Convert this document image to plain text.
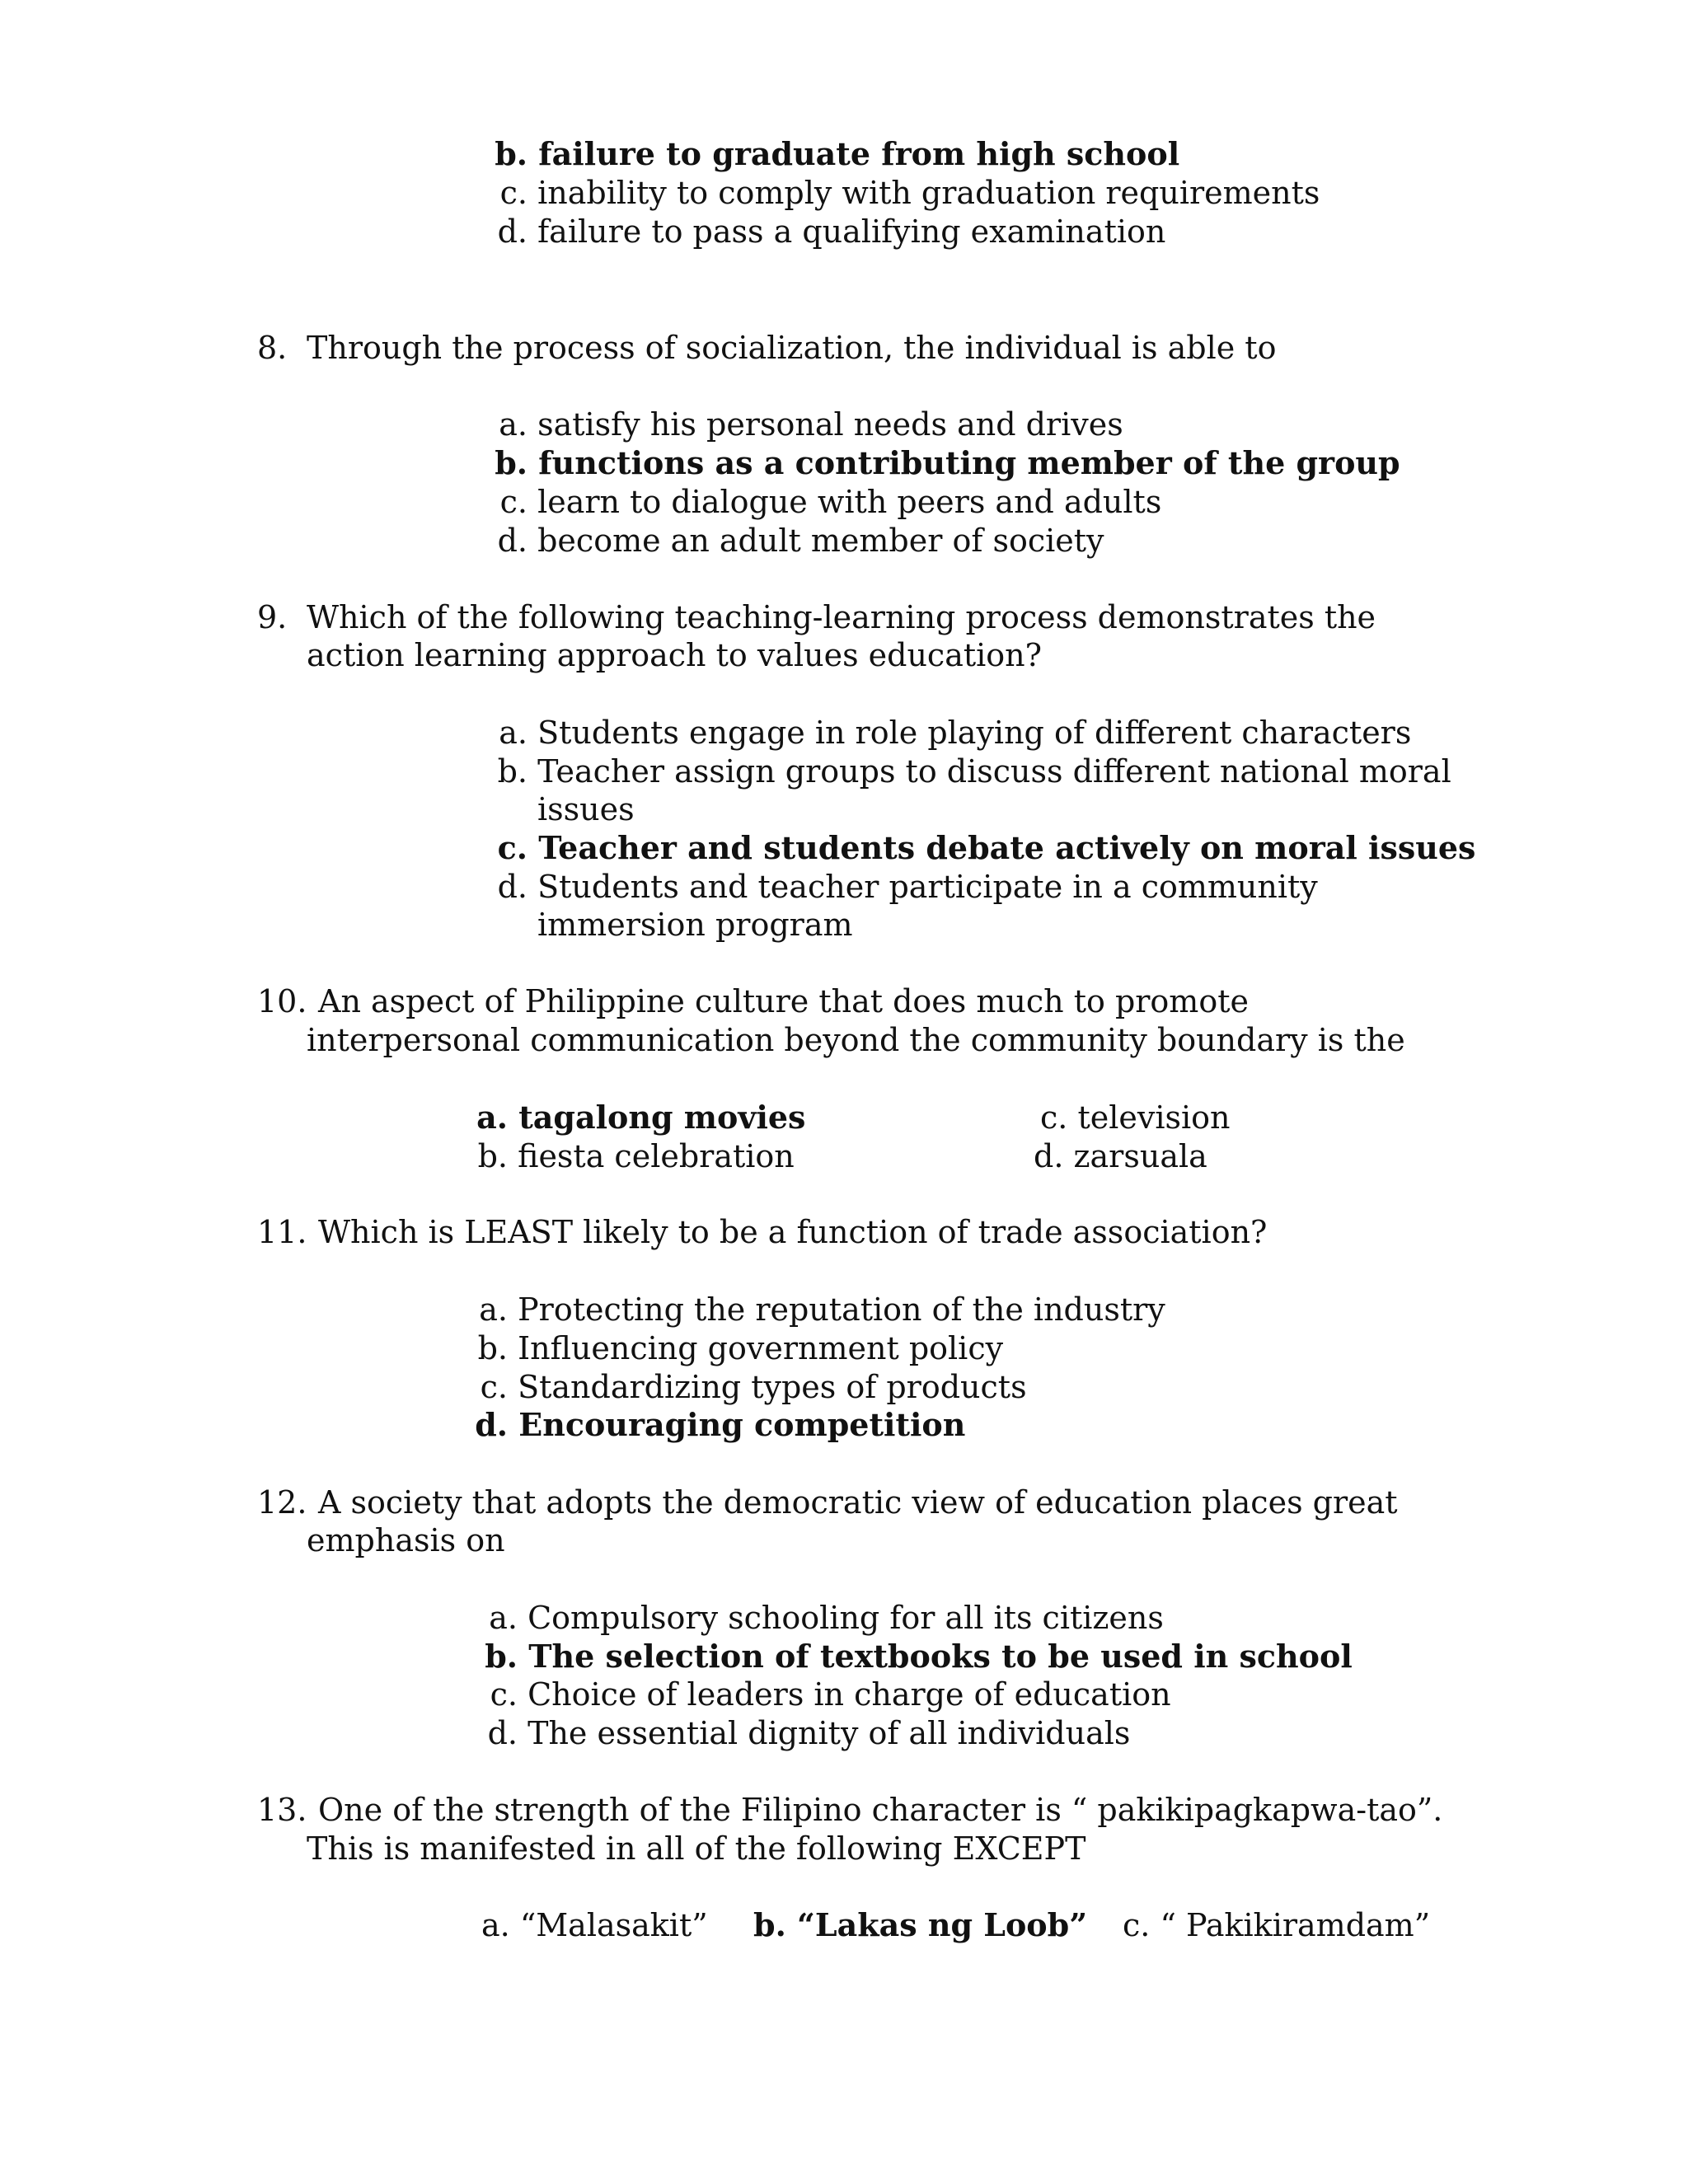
b. failure to graduate from high school
c. inability to comply with graduation requirements
d. failure to pass a qualifying examination
8. Through the process of socialization, the individual is able to
a. satisfy his personal needs and drives
b. functions as a contributing member of the group
c. learn to dialogue with peers and adults
d. become an adult member of society
9. Which of the following teaching-learning process demonstrates the
action learning approach to values education?
a. Students engage in role playing of different characters
b. Teacher assign groups to discuss different national moral
issues
c. Teacher and students debate actively on moral issues
d. Students and teacher participate in a community
immersion program
10. An aspect of Philippine culture that does much to promote
interpersonal communication beyond the community boundary is the
a. tagalong movies
b. fiesta celebration
c. television
d. zarsuala
11. Which is LEAST likely to be a function of trade association?
a. Protecting the reputation of the industry
b. Influencing government policy
c. Standardizing types of products
d. Encouraging competition
12. A society that adopts the democratic view of education places great
emphasis on
a. Compulsory schooling for all its citizens
b. The selection of textbooks to be used in school
c. Choice of leaders in charge of education
d. The essential dignity of all individuals
13. One of the strength of the Filipino character is “ pakikipagkapwa-tao”.
This is manifested in all of the following EXCEPT
a. “Malasakit” b. “Lakas ng Loob” c. “ Pakikiramdam”
